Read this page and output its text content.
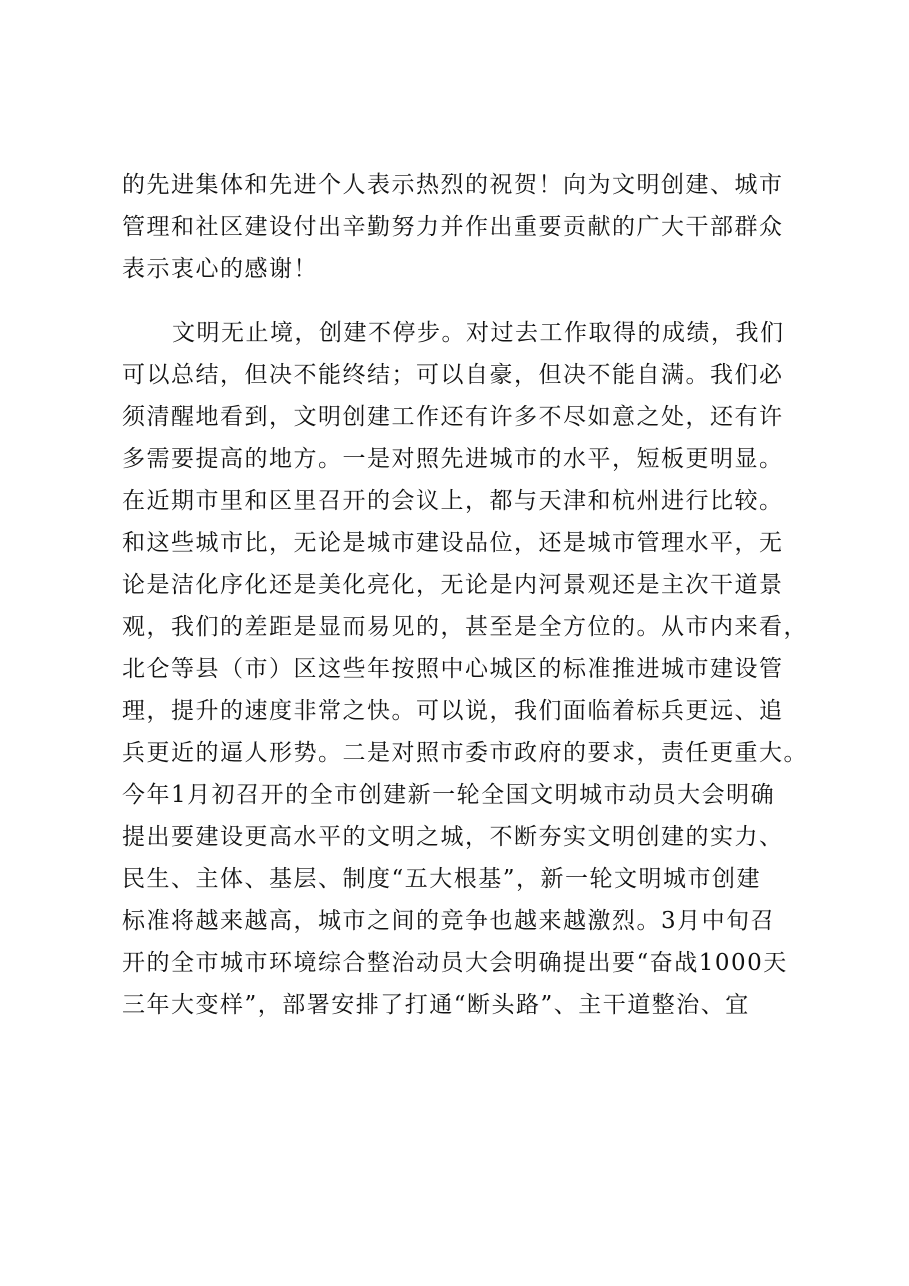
的先进集体和先进个人表示热烈的祝贺！向为文明创建、城市
管理和社区建设付出辛勤努力并作出重要贡献的广大干部群众
表示衷心的感谢！
文明无止境，创建不停步。对过去工作取得的成绩，我们
可以总结，但决不能终结；可以自豪，但决不能自满。我们必
须清醒地看到，文明创建工作还有许多不尽如意之处，还有许
多需要提高的地方。一是对照先进城市的水平，短板更明显。
在近期市里和区里召开的会议上，都与天津和杭州进行比较。
和这些城市比，无论是城市建设品位，还是城市管理水平，无
论是洁化序化还是美化亮化，无论是内河景观还是主次干道景
观，我们的差距是显而易见的，甚至是全方位的。从市内来看，
北仑等县（市）区这些年按照中心城区的标准推进城市建设管
理，提升的速度非常之快。可以说，我们面临着标兵更远、追
兵更近的逼人形势。二是对照市委市政府的要求，责任更重大。
今年1月初召开的全市创建新一轮全国文明城市动员大会明确
提出要建设更高水平的文明之城，不断夯实文明创建的实力、
民生、主体、基层、制度“五大根基”，新一轮文明城市创建
标准将越来越高，城市之间的竞争也越来越激烈。3月中旬召
开的全市城市环境综合整治动员大会明确提出要“奋战1000天
三年大变样”，部署安排了打通“断头路”、主干道整治、宜
